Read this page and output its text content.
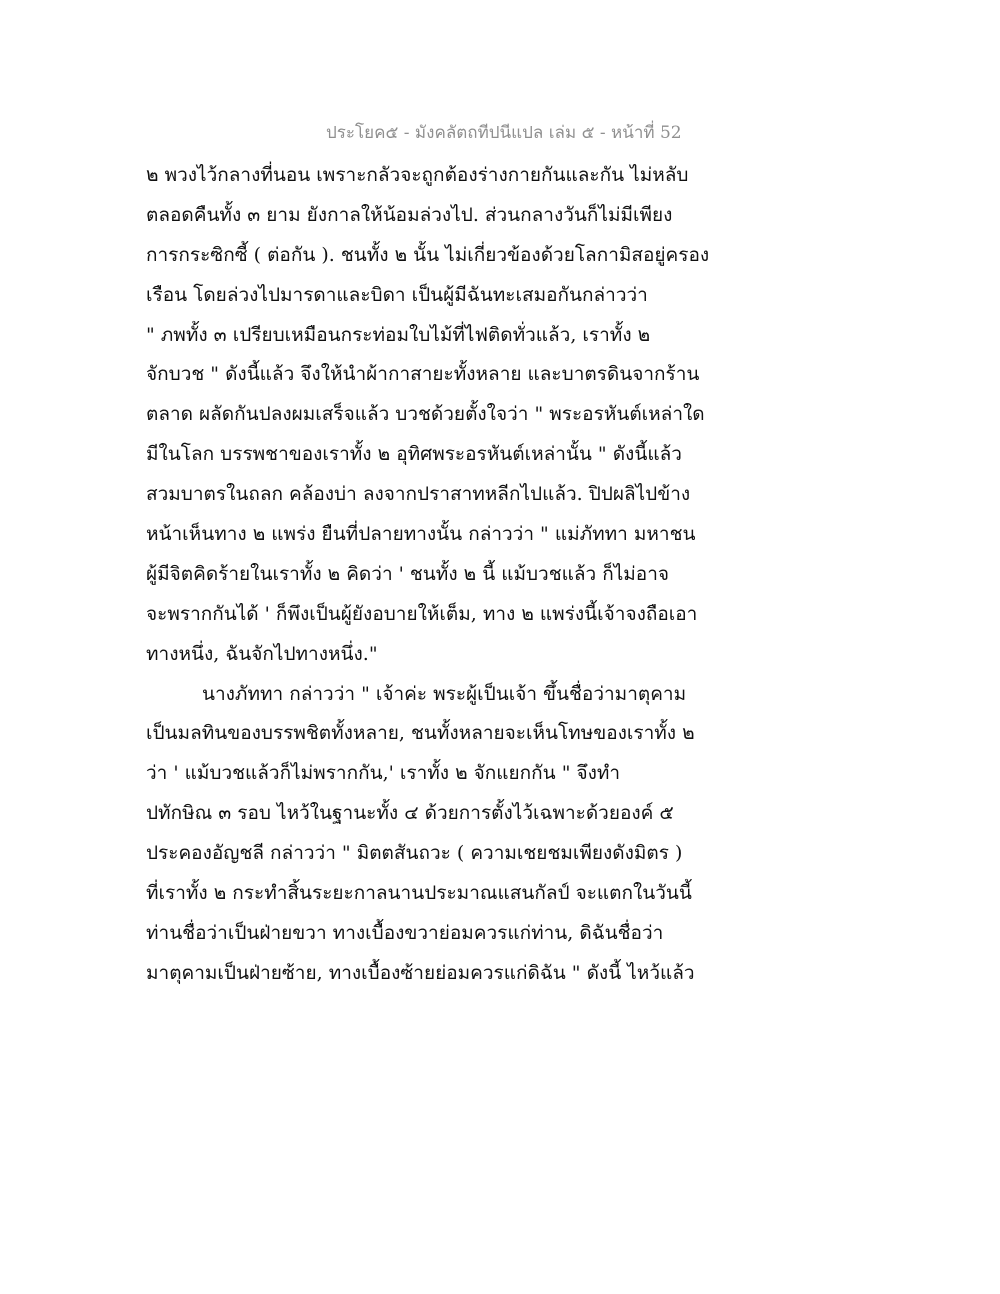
ประโยค๕ - มังคลัตถทีปนีแปล เล่ม ๕ - หน้าที่ 52
๒ พวงไว้กลางที่นอน เพราะกลัวจะถูกต้องร่างกายกันและกัน ไม่หลับ
ตลอดคืนทั้ง ๓ ยาม ยังกาลให้น้อมล่วงไป. ส่วนกลางวันก็ไม่มีเพียง
การกระซิกซี้ ( ต่อกัน ). ชนทั้ง ๒ นั้น ไม่เกี่ยวข้องด้วยโลกามิสอยู่ครอง
เรือน โดยล่วงไปมารดาและบิดา เป็นผู้มีฉันทะเสมอกันกล่าวว่า
" ภพทั้ง ๓ เปรียบเหมือนกระท่อมใบไม้ที่ไฟติดทั่วแล้ว, เราทั้ง ๒
จักบวช " ดังนี้แล้ว จึงให้นำผ้ากาสายะทั้งหลาย และบาตรดินจากร้าน
ตลาด ผลัดกันปลงผมเสร็จแล้ว บวชด้วยตั้งใจว่า " พระอรหันต์เหล่าใด
มีในโลก บรรพชาของเราทั้ง ๒ อุทิศพระอรหันต์เหล่านั้น " ดังนี้แล้ว
สวมบาตรในถลก คล้องบ่า ลงจากปราสาทหลีกไปแล้ว. ปิปผลิไปข้าง
หน้าเห็นทาง ๒ แพร่ง ยืนที่ปลายทางนั้น กล่าวว่า " แม่ภัททา มหาชน
ผู้มีจิตคิดร้ายในเราทั้ง ๒ คิดว่า ' ชนทั้ง ๒ นี้ แม้บวชแล้ว ก็ไม่อาจ
จะพรากกันได้ ' ก็พึงเป็นผู้ยังอบายให้เต็ม, ทาง ๒ แพร่งนี้เจ้าจงถือเอา
ทางหนึ่ง, ฉันจักไปทางหนึ่ง."
นางภัททา กล่าวว่า " เจ้าค่ะ พระผู้เป็นเจ้า ขึ้นชื่อว่ามาตุคาม
เป็นมลทินของบรรพชิตทั้งหลาย, ชนทั้งหลายจะเห็นโทษของเราทั้ง ๒
ว่า ' แม้บวชแล้วก็ไม่พรากกัน,' เราทั้ง ๒ จักแยกกัน " จึงทำ
ปทักษิณ ๓ รอบ ไหว้ในฐานะทั้ง ๔ ด้วยการตั้งไว้เฉพาะด้วยองค์ ๕
ประคองอัญชลี กล่าวว่า " มิตตสันถวะ ( ความเชยชมเพียงดังมิตร )
ที่เราทั้ง ๒ กระทำสิ้นระยะกาลนานประมาณแสนกัลป์ จะแตกในวันนี้
ท่านชื่อว่าเป็นฝ่ายขวา ทางเบื้องขวาย่อมควรแก่ท่าน, ดิฉันชื่อว่า
มาตุคามเป็นฝ่ายซ้าย, ทางเบื้องซ้ายย่อมควรแก่ดิฉัน " ดังนี้ ไหว้แล้ว
